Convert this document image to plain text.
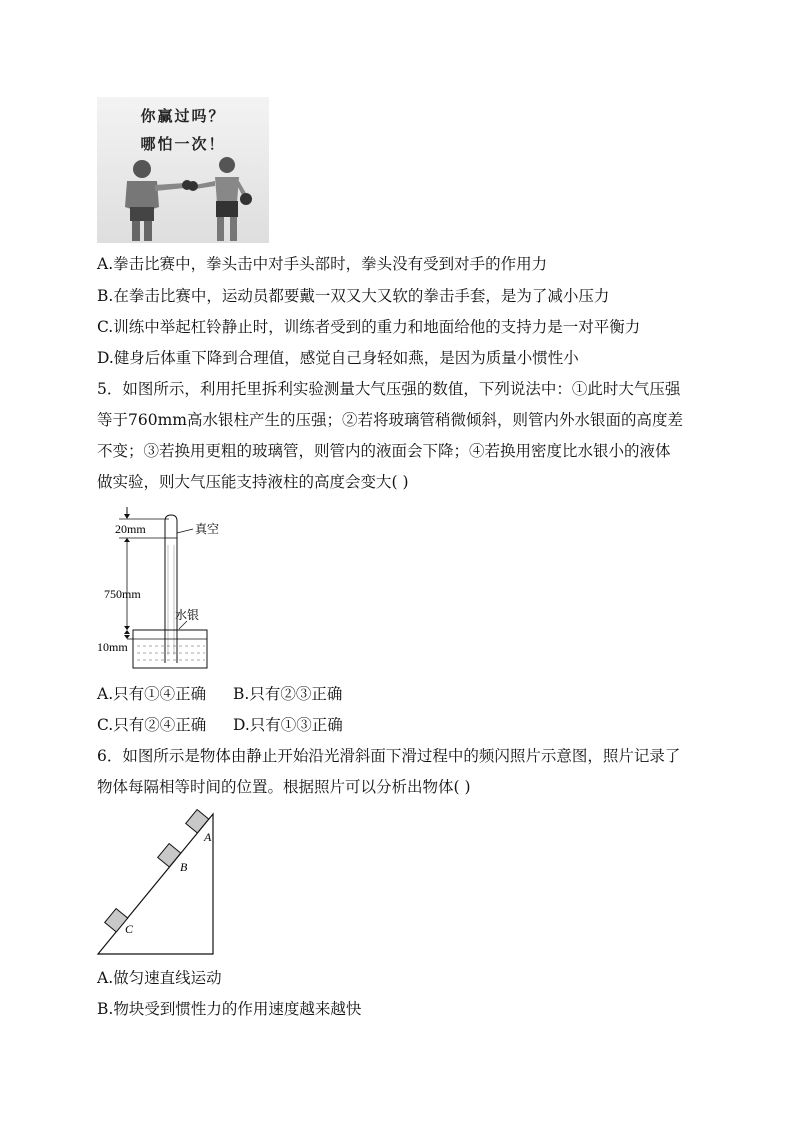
你赢过吗？
哪怕一次！
A.拳击比赛中，拳头击中对手头部时，拳头没有受到对手的作用力
B.在拳击比赛中，运动员都要戴一双又大又软的拳击手套，是为了减小压力
C.训练中举起杠铃静止时，训练者受到的重力和地面给他的支持力是一对平衡力
D.健身后体重下降到合理值，感觉自己身轻如燕，是因为质量小惯性小
5．如图所示，利用托里拆利实验测量大气压强的数值，下列说法中：①此时大气压强
等于760mm高水银柱产生的压强；②若将玻璃管稍微倾斜，则管内外水银面的高度差
不变；③若换用更粗的玻璃管，则管内的液面会下降；④若换用密度比水银小的液体
做实验，则大气压能支持液柱的高度会变大( )
20mm
750mm
真空
水银
10mm
A.只有①④正确 B.只有②③正确
C.只有②④正确 D.只有①③正确
6．如图所示是物体由静止开始沿光滑斜面下滑过程中的频闪照片示意图，照片记录了
物体每隔相等时间的位置。根据照片可以分析出物体( )
A
B
C
A.做匀速直线运动
B.物块受到惯性力的作用速度越来越快
